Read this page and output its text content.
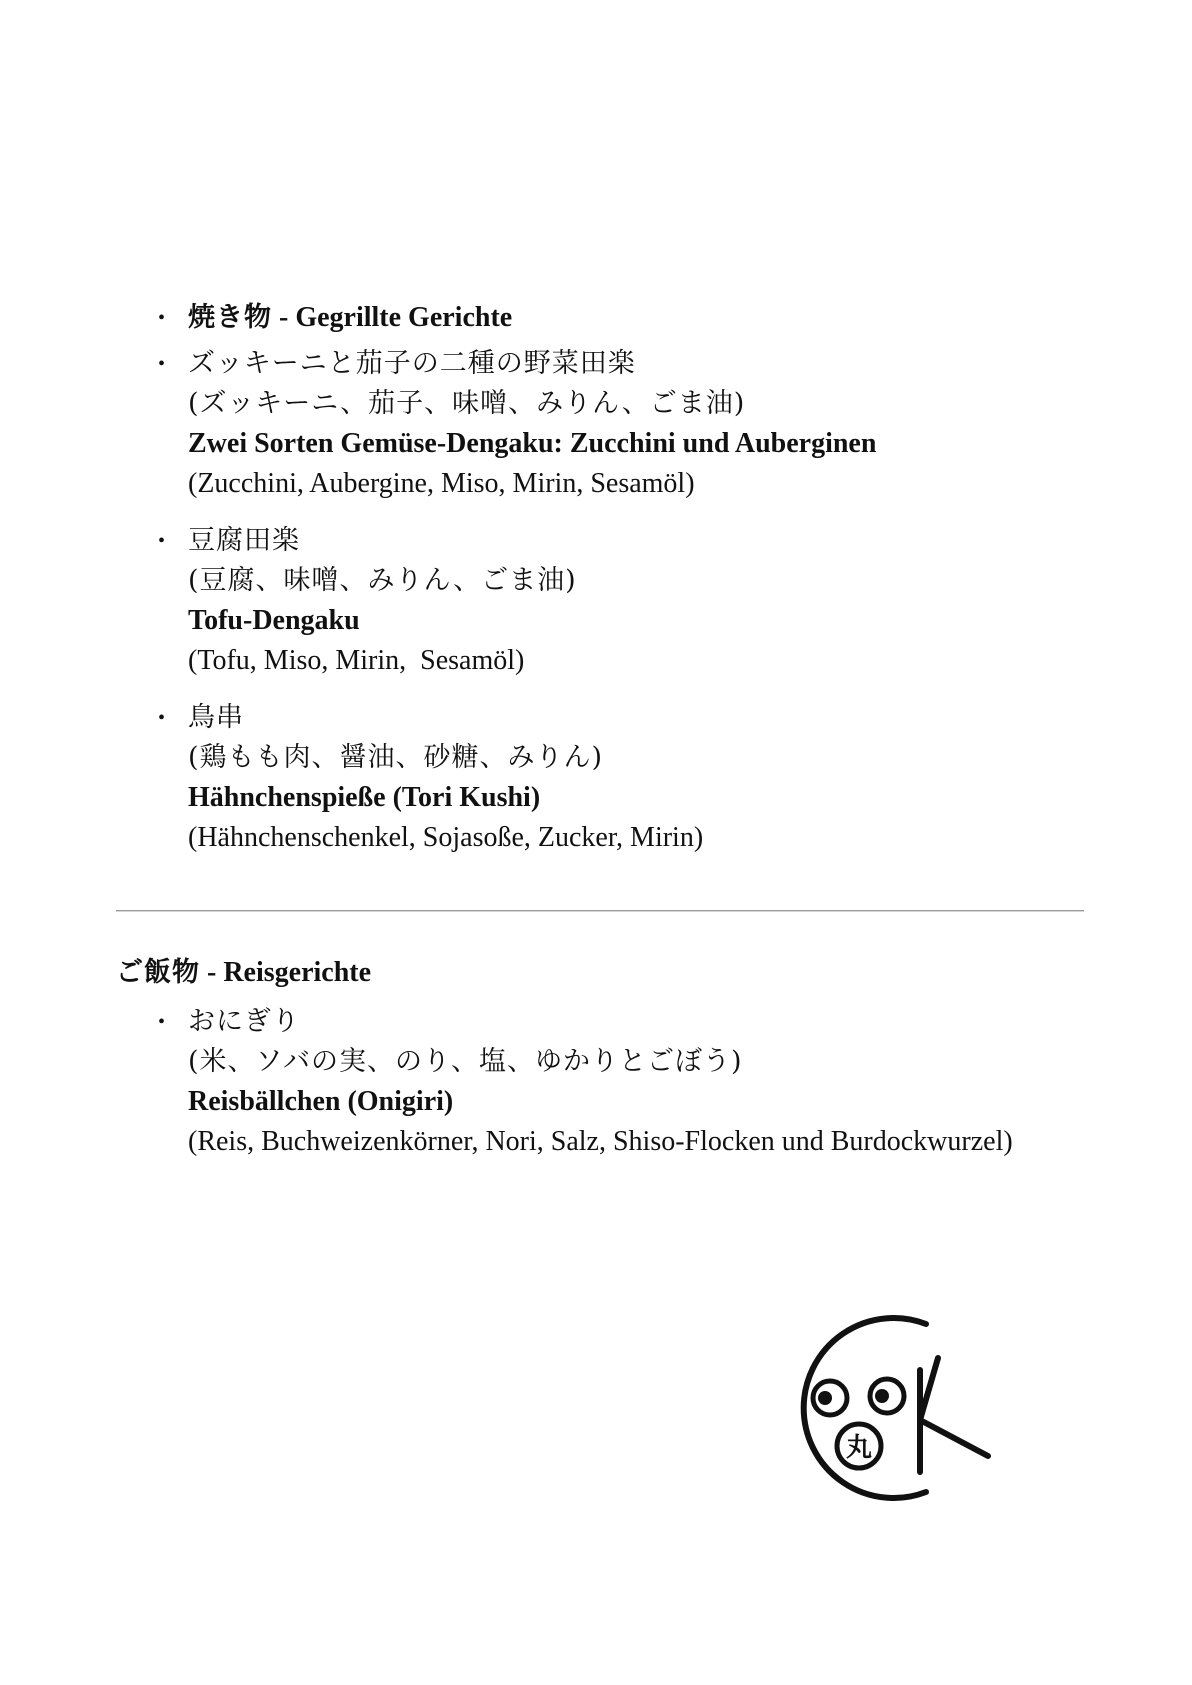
• 焼き物 - Gegrillte Gerichte
• ズッキーニと茄子の二種の野菜田楽
(ズッキーニ、茄子、味噌、みりん、ごま油)
Zwei Sorten Gemüse-Dengaku: Zucchini und Auberginen
(Zucchini, Aubergine, Miso, Mirin, Sesamöl)
• 豆腐田楽
(豆腐、味噌、みりん、ごま油)
Tofu-Dengaku
(Tofu, Miso, Mirin,  Sesamöl)
• 鳥串
(鶏もも肉、醤油、砂糖、みりん)
Hähnchenspieße (Tori Kushi)
(Hähnchenschenkel, Sojasoße, Zucker, Mirin)
ご飯物 - Reisgerichte
• おにぎり
(米、ソバの実、のり、塩、ゆかりとごぼう)
Reisbällchen (Onigiri)
(Reis, Buchweizenkörner, Nori, Salz, Shiso-Flocken und Burdockwurzel)
丸
